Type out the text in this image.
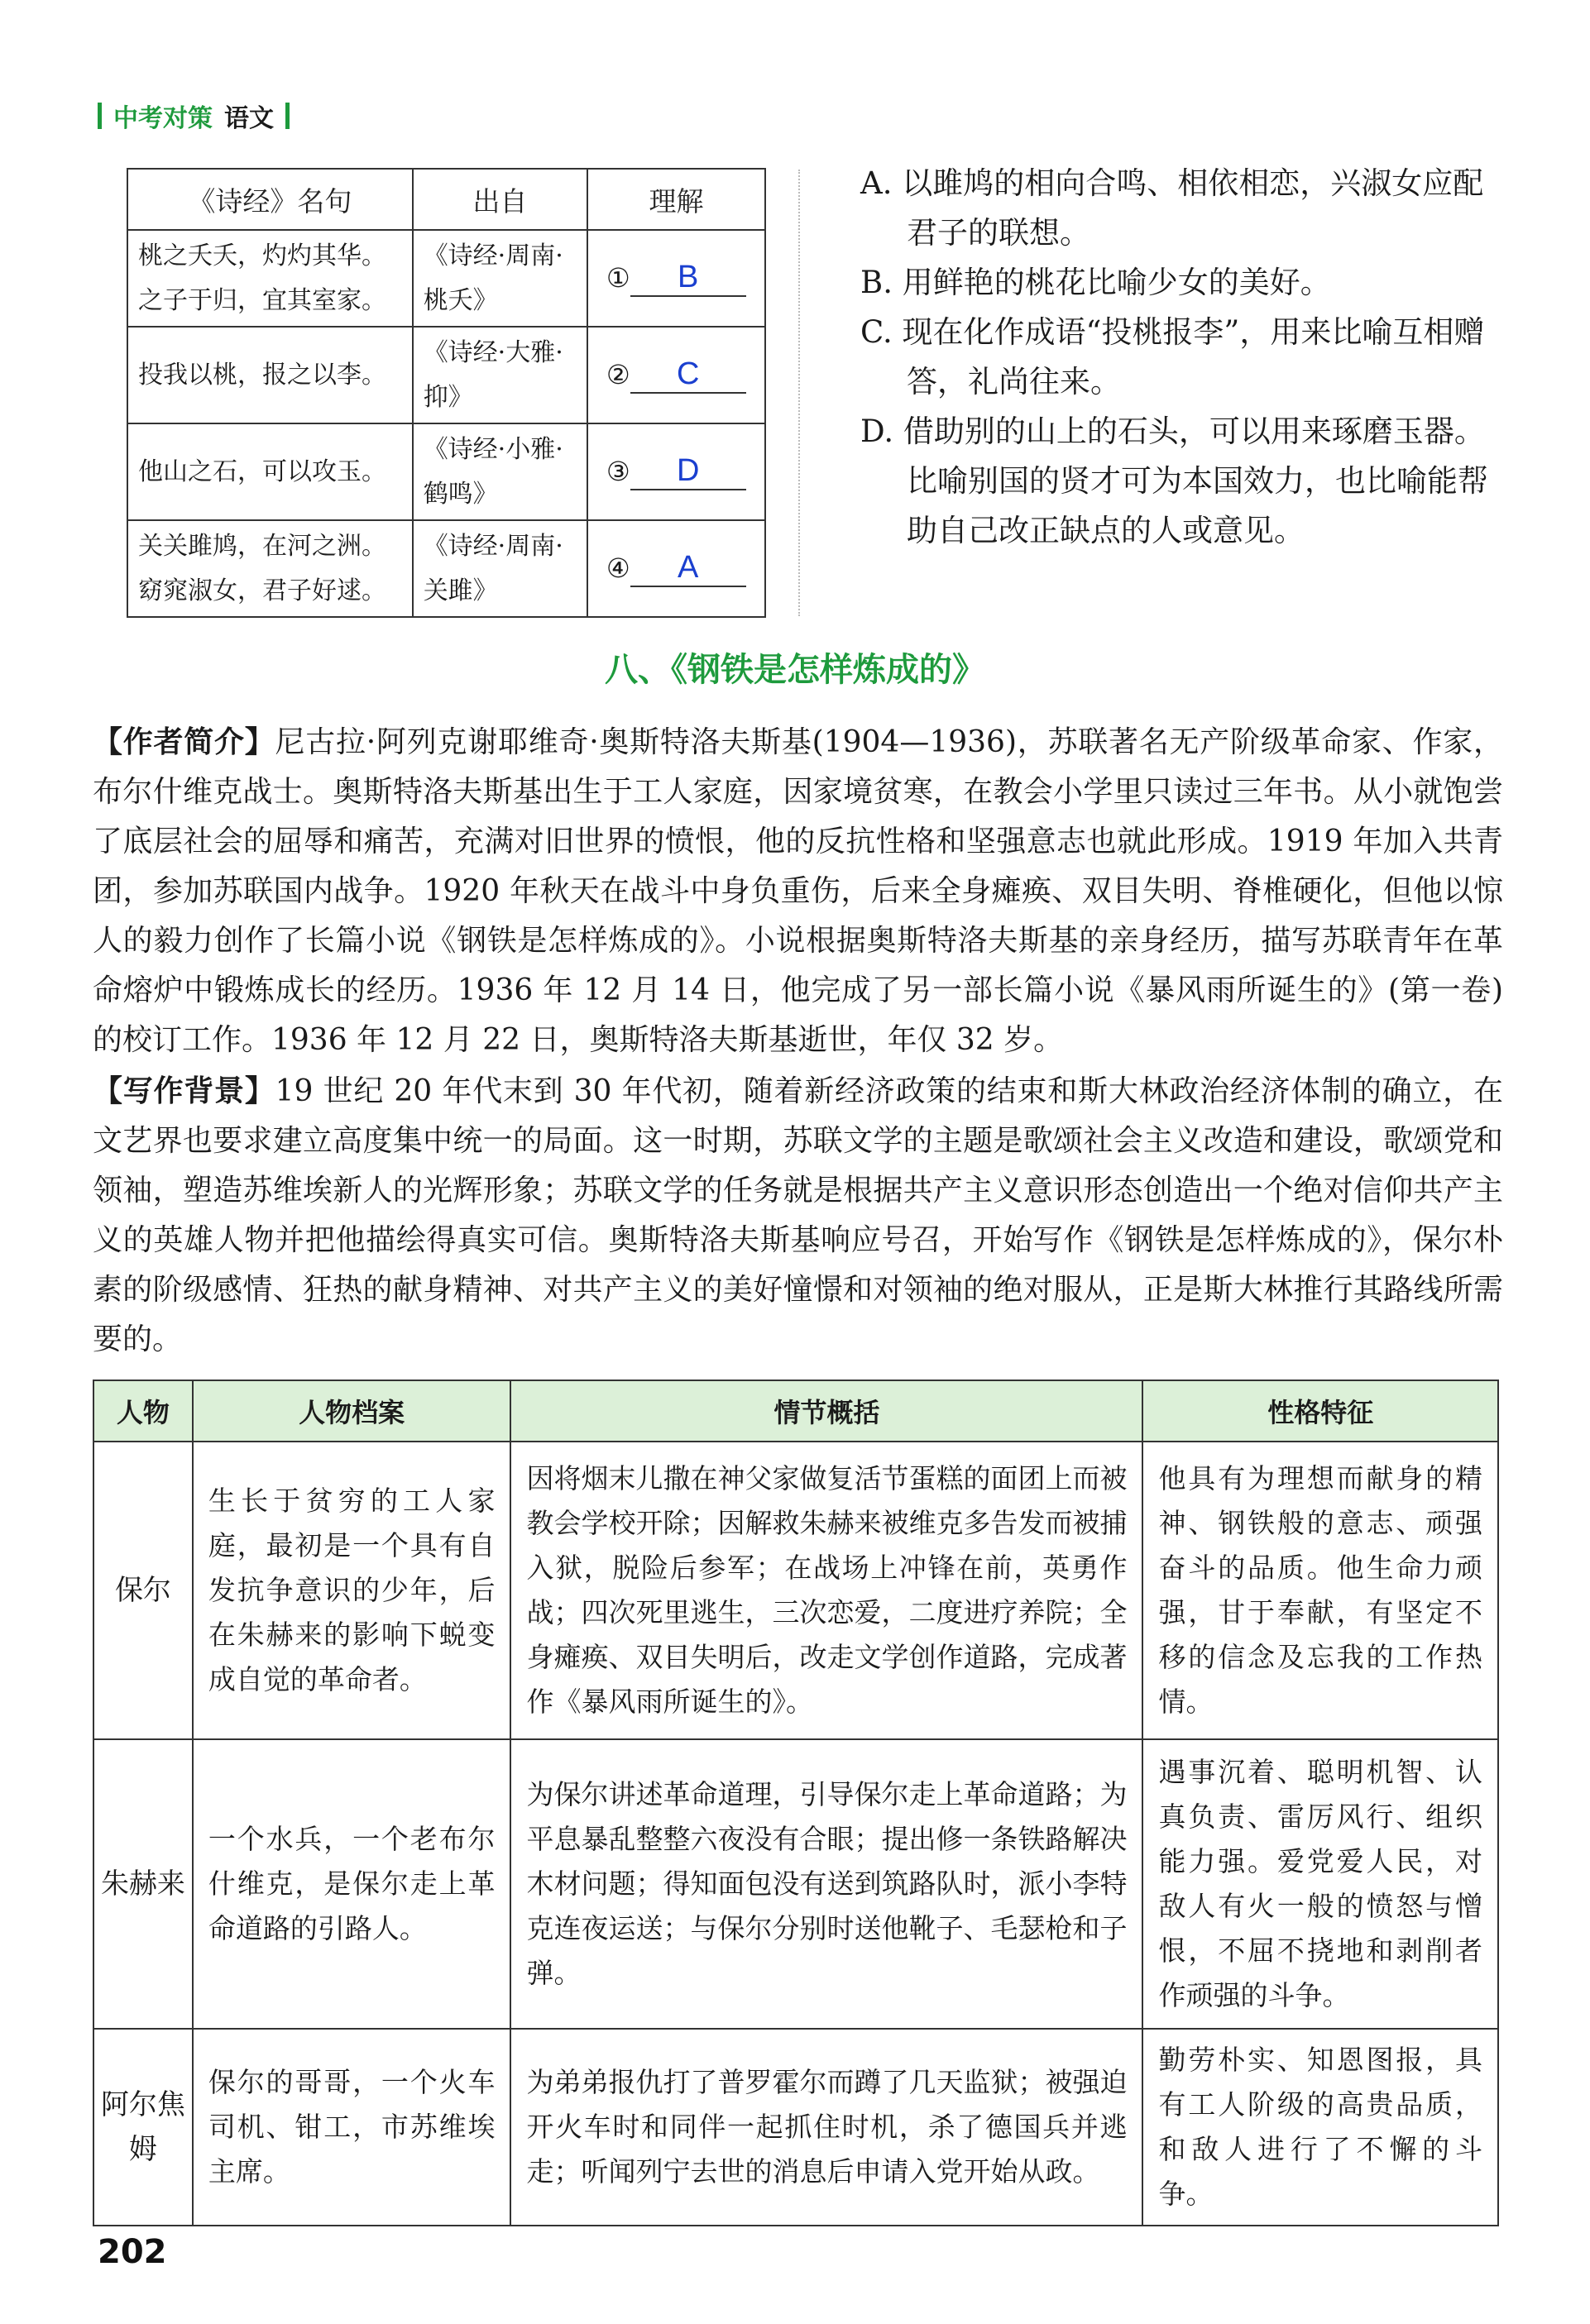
中考对策 语文
《诗经》名句	出自	理解
桃之夭夭，灼灼其华。之子于归，宜其室家。	《诗经·周南·桃夭》	① B
投我以桃，报之以李。	《诗经·大雅·抑》	② C
他山之石，可以攻玉。	《诗经·小雅·鹤鸣》	③ D
关关雎鸠，在河之洲。窈窕淑女，君子好逑。	《诗经·周南·关雎》	④ A

A. 以雎鸠的相向合鸣、相依相恋，兴淑女应配君子的联想。

B. 用鲜艳的桃花比喻少女的美好。

C. 现在化作成语“投桃报李”，用来比喻互相赠答，礼尚往来。

D. 借助别的山上的石头，可以用来琢磨玉器。比喻别国的贤才可为本国效力，也比喻能帮助自己改正缺点的人或意见。

八、《钢铁是怎样炼成的》

【作者简介】尼古拉·阿列克谢耶维奇·奥斯特洛夫斯基(1904—1936)，苏联著名无产阶级革命家、作家，布尔什维克战士。奥斯特洛夫斯基出生于工人家庭，因家境贫寒，在教会小学里只读过三年书。从小就饱尝了底层社会的屈辱和痛苦，充满对旧世界的愤恨，他的反抗性格和坚强意志也就此形成。1919 年加入共青团，参加苏联国内战争。1920 年秋天在战斗中身负重伤，后来全身瘫痪、双目失明、脊椎硬化，但他以惊人的毅力创作了长篇小说《钢铁是怎样炼成的》。小说根据奥斯特洛夫斯基的亲身经历，描写苏联青年在革命熔炉中锻炼成长的经历。1936 年 12 月 14 日，他完成了另一部长篇小说《暴风雨所诞生的》(第一卷)的校订工作。1936 年 12 月 22 日，奥斯特洛夫斯基逝世，年仅 32 岁。

【写作背景】19 世纪 20 年代末到 30 年代初，随着新经济政策的结束和斯大林政治经济体制的确立，在文艺界也要求建立高度集中统一的局面。这一时期，苏联文学的主题是歌颂社会主义改造和建设，歌颂党和领袖，塑造苏维埃新人的光辉形象；苏联文学的任务就是根据共产主义意识形态创造出一个绝对信仰共产主义的英雄人物并把他描绘得真实可信。奥斯特洛夫斯基响应号召，开始写作《钢铁是怎样炼成的》，保尔朴素的阶级感情、狂热的献身精神、对共产主义的美好憧憬和对领袖的绝对服从，正是斯大林推行其路线所需要的。

人物	人物档案	情节概括	性格特征
保尔	生长于贫穷的工人家庭，最初是一个具有自发抗争意识的少年，后在朱赫来的影响下蜕变成自觉的革命者。	因将烟末儿撒在神父家做复活节蛋糕的面团上而被教会学校开除；因解救朱赫来被维克多告发而被捕入狱，脱险后参军；在战场上冲锋在前，英勇作战；四次死里逃生，三次恋爱，二度进疗养院；全身瘫痪、双目失明后，改走文学创作道路，完成著作《暴风雨所诞生的》。	他具有为理想而献身的精神、钢铁般的意志、顽强奋斗的品质。他生命力顽强，甘于奉献，有坚定不移的信念及忘我的工作热情。
朱赫来	一个水兵，一个老布尔什维克，是保尔走上革命道路的引路人。	为保尔讲述革命道理，引导保尔走上革命道路；为平息暴乱整整六夜没有合眼；提出修一条铁路解决木材问题；得知面包没有送到筑路队时，派小李特克连夜运送；与保尔分别时送他靴子、毛瑟枪和子弹。	遇事沉着、聪明机智、认真负责、雷厉风行、组织能力强。爱党爱人民，对敌人有火一般的愤怒与憎恨，不屈不挠地和剥削者作顽强的斗争。
阿尔焦姆	保尔的哥哥，一个火车司机、钳工，市苏维埃主席。	为弟弟报仇打了普罗霍尔而蹲了几天监狱；被强迫开火车时和同伴一起抓住时机，杀了德国兵并逃走；听闻列宁去世的消息后申请入党开始从政。	勤劳朴实、知恩图报，具有工人阶级的高贵品质，和敌人进行了不懈的斗争。
202
